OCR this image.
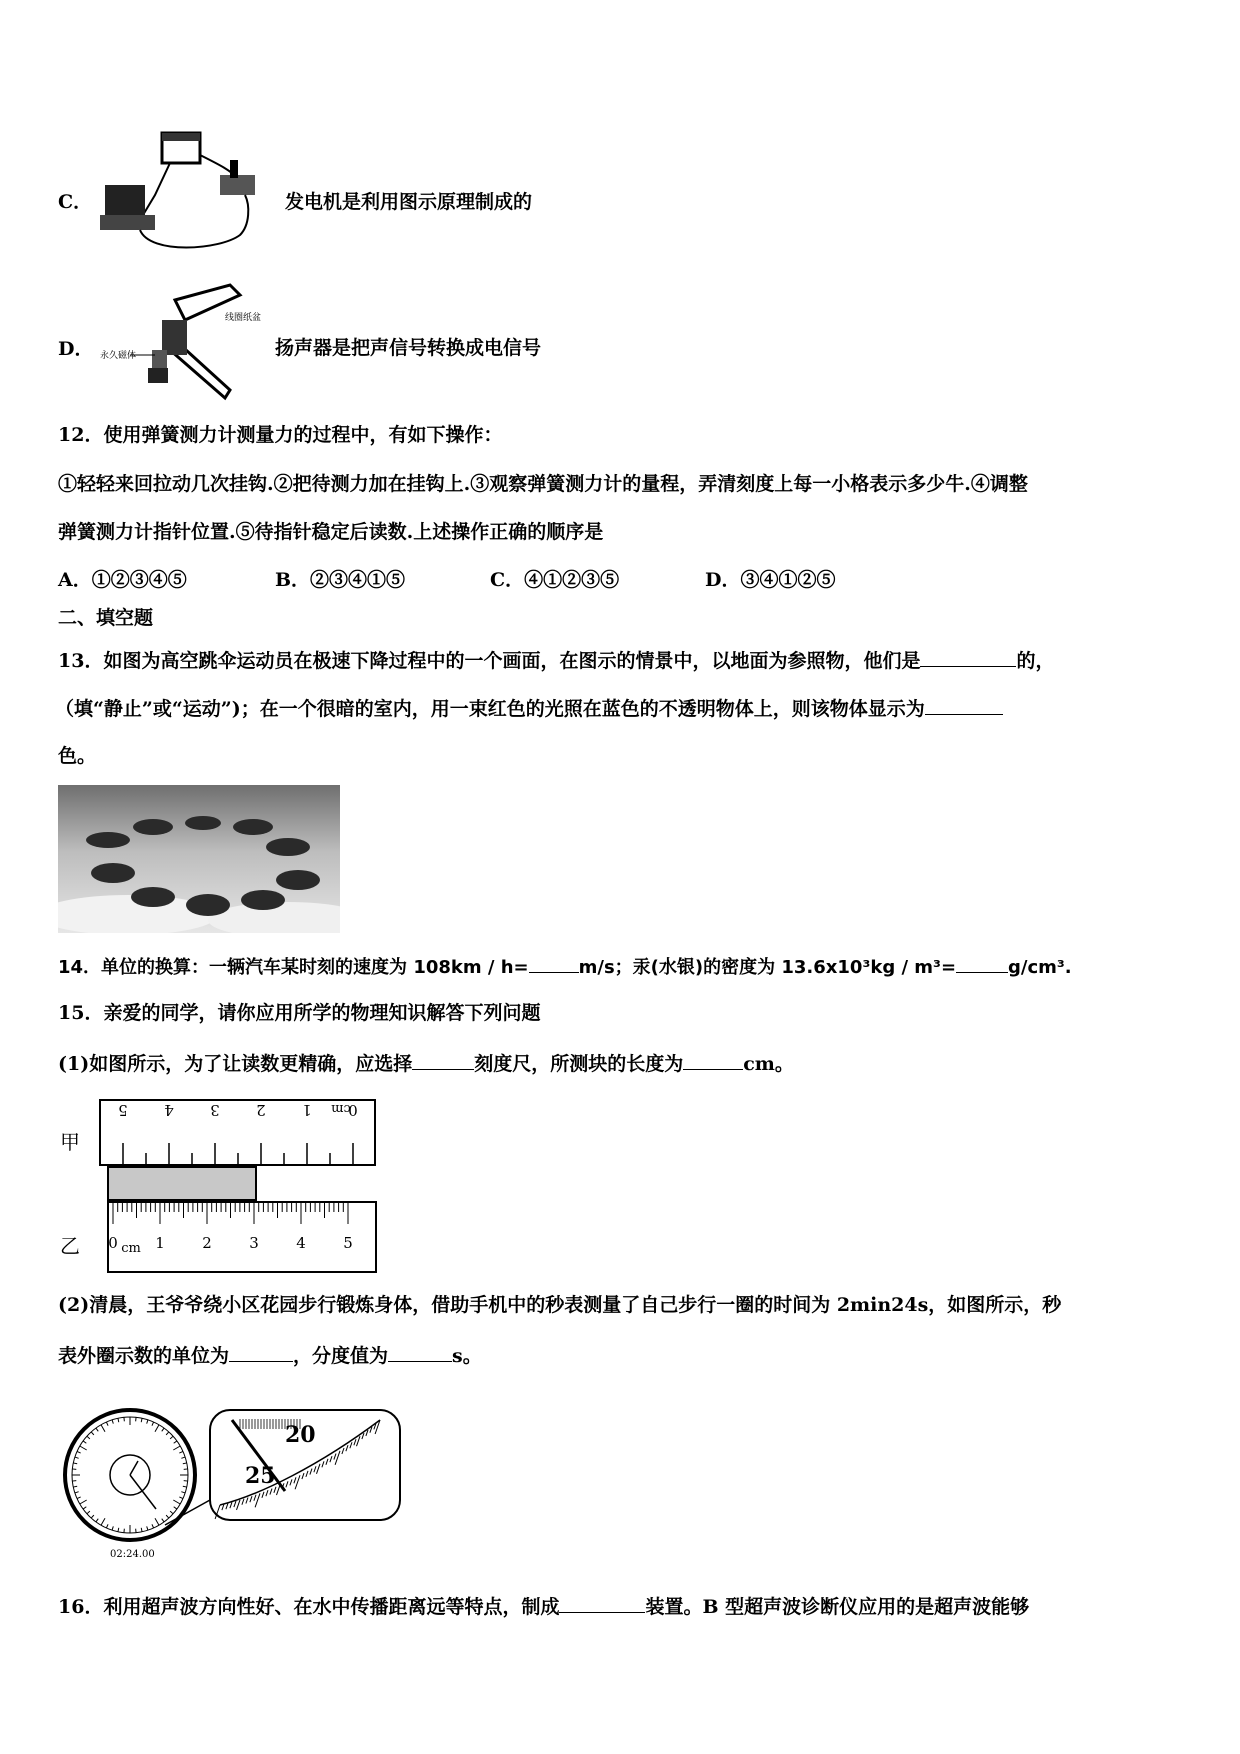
C．	发电机是利用图示原理制成的
D．
线圈纸盆
永久磁体	扬声器是把声信号转换成电信号
12．使用弹簧测力计测量力的过程中，有如下操作：
①轻轻来回拉动几次挂钩.②把待测力加在挂钩上.③观察弹簧测力计的量程，弄清刻度上每一小格表示多少牛.④调整
弹簧测力计指针位置.⑤待指针稳定后读数.上述操作正确的顺序是
A．①②③④⑤	B．②③④①⑤	C．④①②③⑤	D．③④①②⑤
二、填空题
13．如图为高空跳伞运动员在极速下降过程中的一个画面，在图示的情景中，以地面为参照物，他们是	的，
（填“静止”或“运动”)；在一个很暗的室内，用一束红色的光照在蓝色的不透明物体上，则该物体显示为
色。
14．单位的换算：一辆汽车某时刻的速度为 108km / h=	m/s；汞(水银)的密度为 13.6x10³kg / m³=	g/cm³.
15．亲爱的同学，请你应用所学的物理知识解答下列问题
(1)如图所示，为了让读数更精确，应选择	刻度尺，所测块的长度为	cm。
甲
乙
0
1
2
3
4
5	cm
0 1 2 3 4 5
cm
(2)清晨，王爷爷绕小区花园步行锻炼身体，借助手机中的秒表测量了自己步行一圈的时间为 2min24s，如图所示，秒
表外圈示数的单位为	，分度值为	s。
20
25
02:24.00
16．利用超声波方向性好、在水中传播距离远等特点，制成	装置。B 型超声波诊断仪应用的是超声波能够
